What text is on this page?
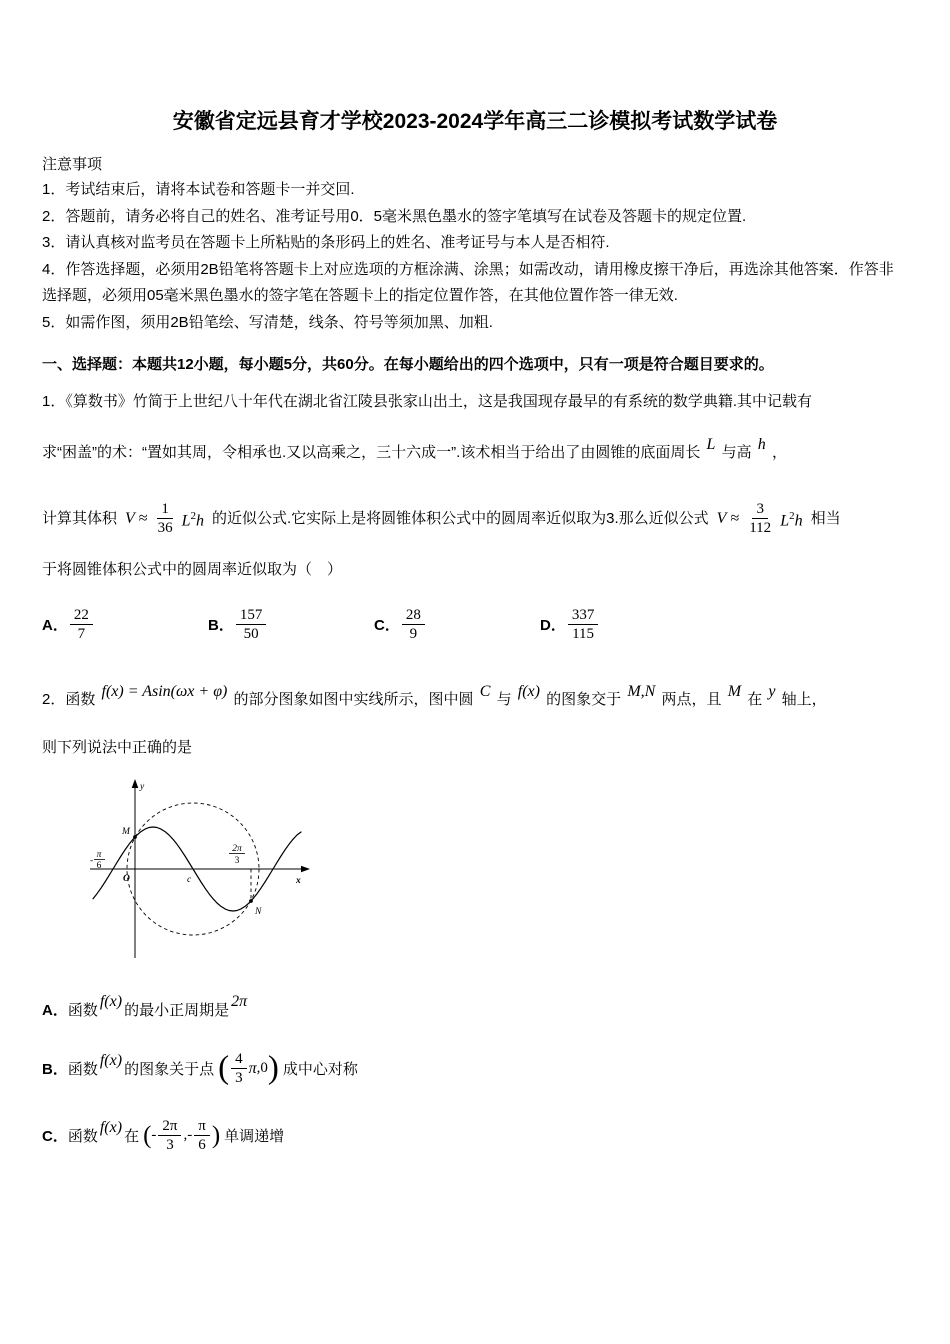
安徽省定远县育才学校2023-2024学年高三二诊模拟考试数学试卷
注意事项
1．考试结束后，请将本试卷和答题卡一并交回.
2．答题前，请务必将自己的姓名、准考证号用0．5毫米黑色墨水的签字笔填写在试卷及答题卡的规定位置.
3．请认真核对监考员在答题卡上所粘贴的条形码上的姓名、准考证号与本人是否相符.
4．作答选择题，必须用2B铅笔将答题卡上对应选项的方框涂满、涂黑；如需改动，请用橡皮擦干净后，再选涂其他答案．作答非选择题，必须用05毫米黑色墨水的签字笔在答题卡上的指定位置作答，在其他位置作答一律无效.
5．如需作图，须用2B铅笔绘、写清楚，线条、符号等须加黑、加粗.
一、选择题：本题共12小题，每小题5分，共60分。在每小题给出的四个选项中，只有一项是符合题目要求的。

1．《算数书》竹简于上世纪八十年代在湖北省江陵县张家山出土，这是我国现存最早的有系统的数学典籍.其中记载有

求“困盖”的术：“置如其周，令相承也.又以高乘之，三十六成一”.该术相当于给出了由圆锥的底面周长 L 与高 h ，

计算其体积 $V \approx \frac{1}{36} L^2h$ 的近似公式.它实际上是将圆锥体积公式中的圆周率近似取为3.那么近似公式 $V \approx \frac{3}{112} L^2h$ 相当

于将圆锥体积公式中的圆周率近似取为（　）

A． $\frac{22}{7}$	B． $\frac{157}{50}$	C． $\frac{28}{9}$	D． $\frac{337}{115}$

2．函数 f(x) = Asin(ωx + φ) 的部分图象如图中实线所示，图中圆 C 与 f(x) 的图象交于 M,N 两点，且 M 在 y 轴上，

则下列说法中正确的是

y
x
O
M
N
c
-
π
6
2π
3
A． 函数
f(x)
的最小正周期是
2π
B． 函数
f(x)
的图象关于点 ( $\frac{4}{3}$ π , 0 ) 成中心对称
C． 函数
f(x)
在 ( - $\frac{2\pi}{3}$ , - $\frac{\pi}{6}$ ) 单调递增
